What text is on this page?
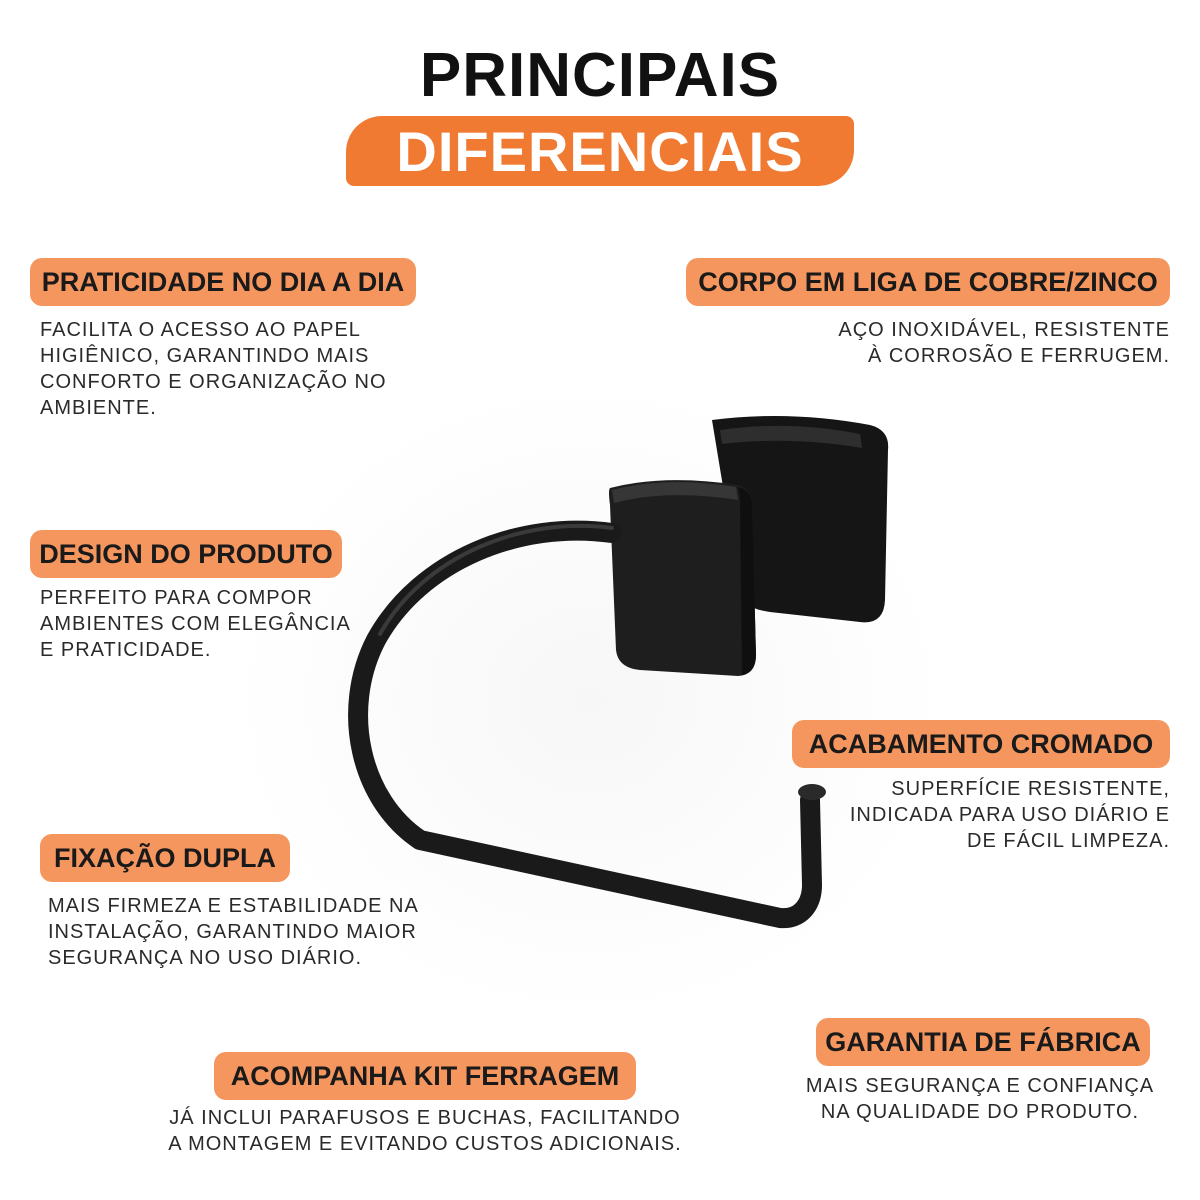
PRINCIPAIS
DIFERENCIAIS
PRATICIDADE NO DIA A DIA
FACILITA O ACESSO AO PAPEL
HIGIÊNICO, GARANTINDO MAIS
CONFORTO E ORGANIZAÇÃO NO
AMBIENTE.
CORPO EM LIGA DE COBRE/ZINCO
AÇO INOXIDÁVEL, RESISTENTE
À CORROSÃO E FERRUGEM.
DESIGN DO PRODUTO
PERFEITO PARA COMPOR
AMBIENTES COM ELEGÂNCIA
E PRATICIDADE.
ACABAMENTO CROMADO
SUPERFÍCIE RESISTENTE,
INDICADA PARA USO DIÁRIO E
DE FÁCIL LIMPEZA.
FIXAÇÃO DUPLA
MAIS FIRMEZA E ESTABILIDADE NA
INSTALAÇÃO, GARANTINDO MAIOR
SEGURANÇA NO USO DIÁRIO.
GARANTIA DE FÁBRICA
MAIS SEGURANÇA E CONFIANÇA
NA QUALIDADE DO PRODUTO.
ACOMPANHA KIT FERRAGEM
JÁ INCLUI PARAFUSOS E BUCHAS, FACILITANDO
A MONTAGEM E EVITANDO CUSTOS ADICIONAIS.
